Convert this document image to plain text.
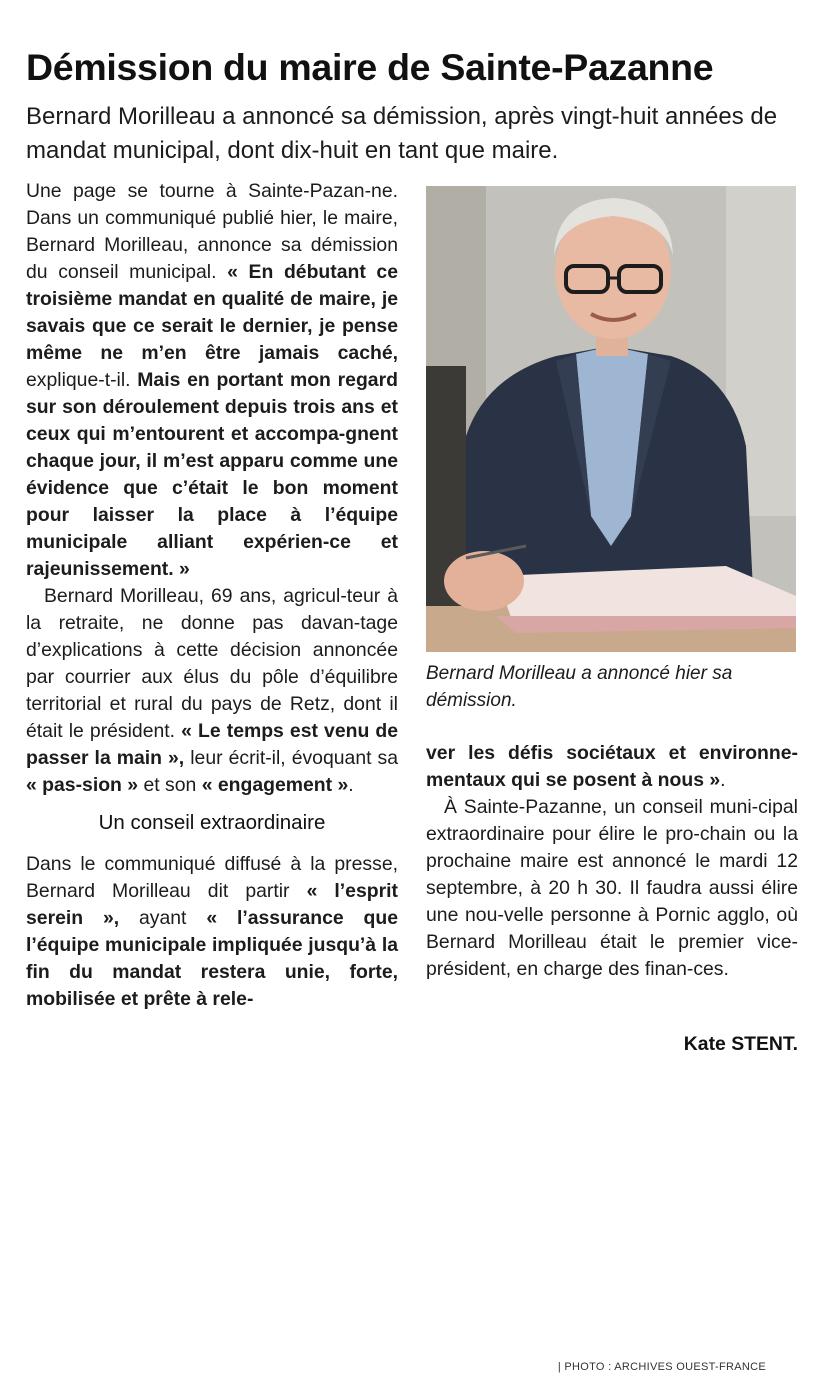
Démission du maire de Sainte-Pazanne

Bernard Morilleau a annoncé sa démission, après vingt-huit années de mandat municipal, dont dix-huit en tant que maire.

Une page se tourne à Sainte-Pazan-ne. Dans un communiqué publié hier, le maire, Bernard Morilleau, annonce sa démission du conseil municipal. « En débutant ce troisième mandat en qualité de maire, je savais que ce serait le dernier, je pense même ne m’en être jamais caché, explique-t-il. Mais en portant mon regard sur son déroulement depuis trois ans et ceux qui m’entourent et accompa-gnent chaque jour, il m’est apparu comme une évidence que c’était le bon moment pour laisser la place à l’équipe municipale alliant expérien-ce et rajeunissement. »

Bernard Morilleau, 69 ans, agricul-teur à la retraite, ne donne pas davan-tage d’explications à cette décision annoncée par courrier aux élus du pôle d’équilibre territorial et rural du pays de Retz, dont il était le président. « Le temps est venu de passer la main », leur écrit-il, évoquant sa « pas-sion » et son « engagement ».

Un conseil extraordinaire

Dans le communiqué diffusé à la presse, Bernard Morilleau dit partir « l’esprit serein », ayant « l’assurance que l’équipe municipale impliquée jusqu’à la fin du mandat restera unie, forte, mobilisée et prête à rele-

Bernard Morilleau a annoncé hier sa démission.
| PHOTO : ARCHIVES OUEST-FRANCE

ver les défis sociétaux et environne-mentaux qui se posent à nous ».

À Sainte-Pazanne, un conseil muni-cipal extraordinaire pour élire le pro-chain ou la prochaine maire est annoncé le mardi 12 septembre, à 20 h 30. Il faudra aussi élire une nou-velle personne à Pornic agglo, où Bernard Morilleau était le premier vice-président, en charge des finan-ces.

Kate STENT.
